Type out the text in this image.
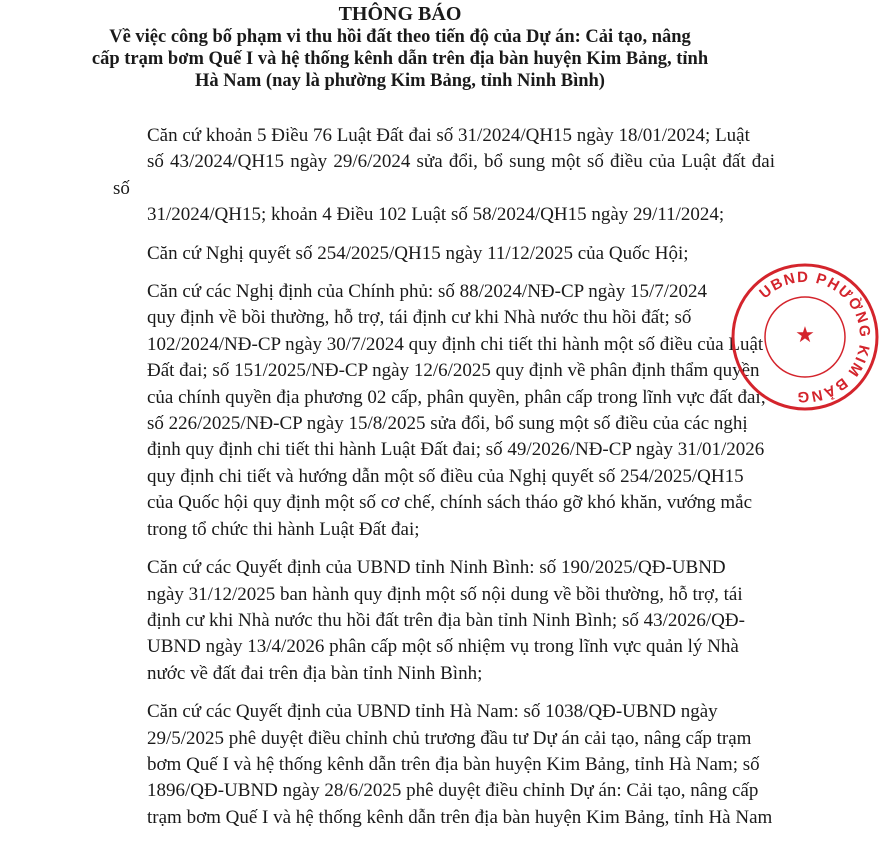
THÔNG BÁO

Về việc công bố phạm vi thu hồi đất theo tiến độ của Dự án: Cải tạo, nâng
cấp trạm bơm Quế I và hệ thống kênh dẫn trên địa bàn huyện Kim Bảng, tỉnh
Hà Nam (nay là phường Kim Bảng, tỉnh Ninh Bình)

Căn cứ khoản 5 Điều 76 Luật Đất đai số 31/2024/QH15 ngày 18/01/2024; Luật
số 43/2024/QH15 ngày 29/6/2024 sửa đổi, bổ sung một số điều của Luật đất đai số
31/2024/QH15; khoản 4 Điều 102 Luật số 58/2024/QH15 ngày 29/11/2024;

Căn cứ Nghị quyết số 254/2025/QH15 ngày 11/12/2025 của Quốc Hội;

Căn cứ các Nghị định của Chính phủ: số 88/2024/NĐ-CP ngày 15/7/2024
quy định về bồi thường, hỗ trợ, tái định cư khi Nhà nước thu hồi đất; số
102/2024/NĐ-CP ngày 30/7/2024 quy định chi tiết thi hành một số điều của Luật
Đất đai; số 151/2025/NĐ-CP ngày 12/6/2025 quy định về phân định thẩm quyền
của chính quyền địa phương 02 cấp, phân quyền, phân cấp trong lĩnh vực đất đai;
số 226/2025/NĐ-CP ngày 15/8/2025 sửa đổi, bổ sung một số điều của các nghị
định quy định chi tiết thi hành Luật Đất đai; số 49/2026/NĐ-CP ngày 31/01/2026
quy định chi tiết và hướng dẫn một số điều của Nghị quyết số 254/2025/QH15
của Quốc hội quy định một số cơ chế, chính sách tháo gỡ khó khăn, vướng mắc
trong tổ chức thi hành Luật Đất đai;

Căn cứ các Quyết định của UBND tỉnh Ninh Bình: số 190/2025/QĐ-UBND
ngày 31/12/2025 ban hành quy định một số nội dung về bồi thường, hỗ trợ, tái
định cư khi Nhà nước thu hồi đất trên địa bàn tỉnh Ninh Bình; số 43/2026/QĐ-
UBND ngày 13/4/2026 phân cấp một số nhiệm vụ trong lĩnh vực quản lý Nhà
nước về đất đai trên địa bàn tỉnh Ninh Bình;

Căn cứ các Quyết định của UBND tỉnh Hà Nam: số 1038/QĐ-UBND ngày
29/5/2025 phê duyệt điều chỉnh chủ trương đầu tư Dự án cải tạo, nâng cấp trạm
bơm Quế I và hệ thống kênh dẫn trên địa bàn huyện Kim Bảng, tỉnh Hà Nam; số
1896/QĐ-UBND ngày 28/6/2025 phê duyệt điều chỉnh Dự án: Cải tạo, nâng cấp
trạm bơm Quế I và hệ thống kênh dẫn trên địa bàn huyện Kim Bảng, tỉnh Hà Nam

UBND PHƯỜNG KIM BẢNG
★
